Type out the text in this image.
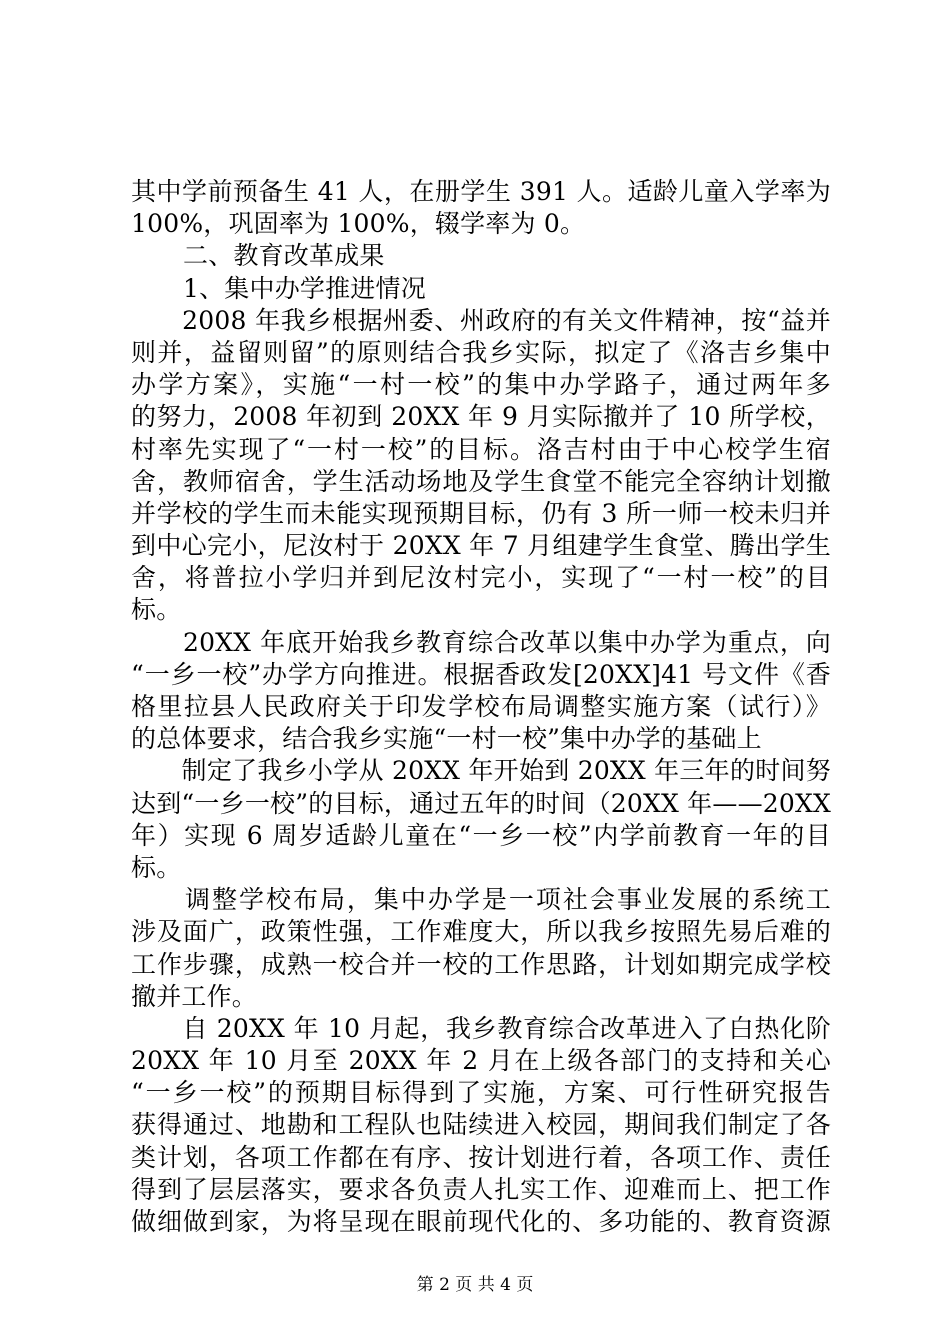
其中学前预备生 41 人，在册学生 391 人。适龄儿童入学率为
100%，巩固率为 100%，辍学率为 0。
二、教育改革成果
1、集中办学推进情况
　　2008 年我乡根据州委、州政府的有关文件精神，按“益并
则并，益留则留”的原则结合我乡实际，拟定了《洛吉乡集中
办学方案》，实施“一村一校”的集中办学路子，通过两年多
的努力，2008 年初到 20XX 年 9 月实际撤并了 10 所学校，
村率先实现了“一村一校”的目标。洛吉村由于中心校学生宿
舍，教师宿舍，学生活动场地及学生食堂不能完全容纳计划撤
并学校的学生而未能实现预期目标，仍有 3 所一师一校未归并
到中心完小，尼汝村于 20XX 年 7 月组建学生食堂、腾出学生
舍，将普拉小学归并到尼汝村完小，实现了“一村一校”的目
标。
　　20XX 年底开始我乡教育综合改革以集中办学为重点，向
“一乡一校”办学方向推进。根据香政发[20XX]41 号文件《香
格里拉县人民政府关于印发学校布局调整实施方案（试行）》
的总体要求，结合我乡实施“一村一校”集中办学的基础上
　　制定了我乡小学从 20XX 年开始到 20XX 年三年的时间努
达到“一乡一校”的目标，通过五年的时间（20XX 年——20XX
年）实现 6 周岁适龄儿童在“一乡一校”内学前教育一年的目
标。
　　调整学校布局，集中办学是一项社会事业发展的系统工
涉及面广，政策性强，工作难度大，所以我乡按照先易后难的
工作步骤，成熟一校合并一校的工作思路，计划如期完成学校
撤并工作。
　　自 20XX 年 10 月起，我乡教育综合改革进入了白热化阶
20XX 年 10 月至 20XX 年 2 月在上级各部门的支持和关心
“一乡一校”的预期目标得到了实施，方案、可行性研究报告
获得通过、地勘和工程队也陆续进入校园，期间我们制定了各
类计划，各项工作都在有序、按计划进行着，各项工作、责任
得到了层层落实，要求各负责人扎实工作、迎难而上、把工作
做细做到家，为将呈现在眼前现代化的、多功能的、教育资源
第 2 页 共 4 页
